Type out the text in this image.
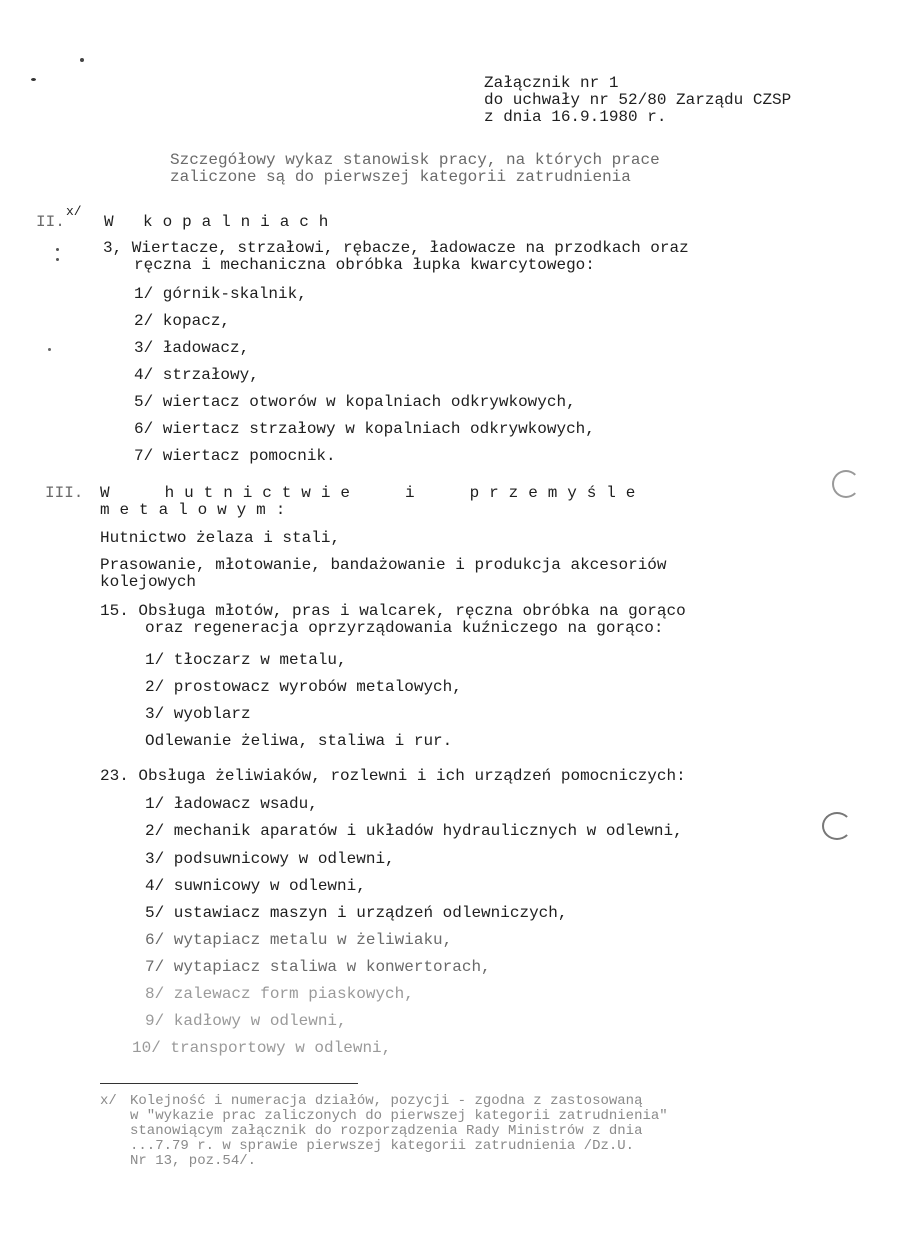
Załącznik nr 1
do uchwały nr 52/80 Zarządu CZSP
z dnia 16.9.1980 r.
Szczegółowy wykaz stanowisk pracy, na których prace
zaliczone są do pierwszej kategorii zatrudnienia
II.
x/
W kopalniach
3, Wiertacze, strzałowi, rębacze, ładowacze na przodkach oraz
ręczna i mechaniczna obróbka łupka kwarcytowego:
1/ górnik-skalnik,
2/ kopacz,
3/ ładowacz,
4/ strzałowy,
5/ wiertacz otworów w kopalniach odkrywkowych,
6/ wiertacz strzałowy w kopalniach odkrywkowych,
7/ wiertacz pomocnik.
III. W hutnictwie i przemyśle
metalowym:
Hutnictwo żelaza i stali,
Prasowanie, młotowanie, bandażowanie i produkcja akcesoriów
kolejowych
15. Obsługa młotów, pras i walcarek, ręczna obróbka na gorąco
oraz regeneracja oprzyrządowania kuźniczego na gorąco:
1/ tłoczarz w metalu,
2/ prostowacz wyrobów metalowych,
3/ wyoblarz
Odlewanie żeliwa, staliwa i rur.
23. Obsługa żeliwiaków, rozlewni i ich urządzeń pomocniczych:
1/ ładowacz wsadu,
2/ mechanik aparatów i układów hydraulicznych w odlewni,
3/ podsuwnicowy w odlewni,
4/ suwnicowy w odlewni,
5/ ustawiacz maszyn i urządzeń odlewniczych,
6/ wytapiacz metalu w żeliwiaku,
7/ wytapiacz staliwa w konwertorach,
8/ zalewacz form piaskowych,
9/ kadłowy w odlewni,
10/ transportowy w odlewni,
x/ Kolejność i numeracja działów, pozycji - zgodna z zastosowaną
w "wykazie prac zaliczonych do pierwszej kategorii zatrudnienia"
stanowiącym załącznik do rozporządzenia Rady Ministrów z dnia
...7.79 r. w sprawie pierwszej kategorii zatrudnienia /Dz.U.
Nr 13, poz.54/.
